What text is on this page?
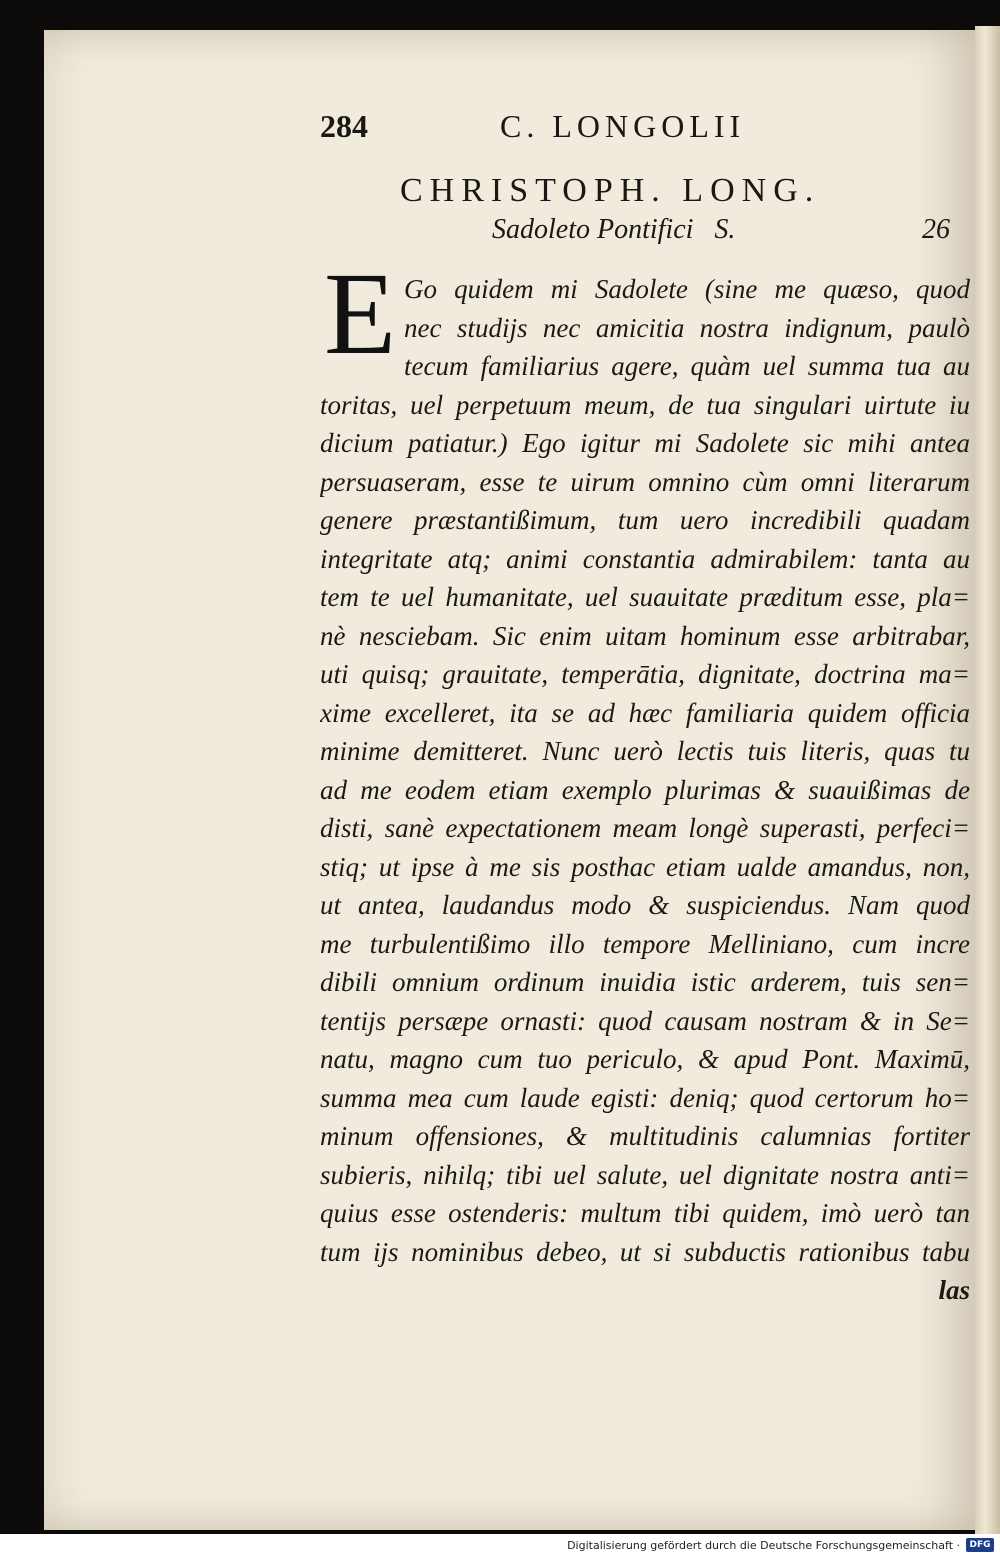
284	C. LONGOLII
CHRISTOPH. LONG.
Sadoleto Pontifici   S.	26
E Go quidem mi Sadolete (sine me quæso, quod
nec studijs nec amicitia nostra indignum, paulò
tecum familiarius agere, quàm uel summa tua au
toritas, uel perpetuum meum, de tua singulari uirtute iu
dicium patiatur.) Ego igitur mi Sadolete sic mihi antea
persuaseram, esse te uirum omnino cùm omni literarum
genere præstantißimum, tum uero incredibili quadam
integritate atq; animi constantia admirabilem: tanta au
tem te uel humanitate, uel suauitate præditum esse, pla=
nè nesciebam. Sic enim uitam hominum esse arbitrabar,
uti quisq; grauitate, temperātia, dignitate, doctrina ma=
xime excelleret, ita se ad hæc familiaria quidem officia
minime demitteret. Nunc uerò lectis tuis literis, quas tu
ad me eodem etiam exemplo plurimas & suauißimas de
disti, sanè expectationem meam longè superasti, perfeci=
stiq; ut ipse à me sis posthac etiam ualde amandus, non,
ut antea, laudandus modo & suspiciendus. Nam quod
me turbulentißimo illo tempore Melliniano, cum incre
dibili omnium ordinum inuidia istic arderem, tuis sen=
tentijs persæpe ornasti: quod causam nostram & in Se=
natu, magno cum tuo periculo, & apud Pont. Maximū,
summa mea cum laude egisti: deniq; quod certorum ho=
minum offensiones, & multitudinis calumnias fortiter
subieris, nihilq; tibi uel salute, uel dignitate nostra anti=
quius esse ostenderis: multum tibi quidem, imò uerò tan
tum ijs nominibus debeo, ut si subductis rationibus tabu
las
Digitalisierung gefördert durch die Deutsche Forschungsgemeinschaft ·	DFG
